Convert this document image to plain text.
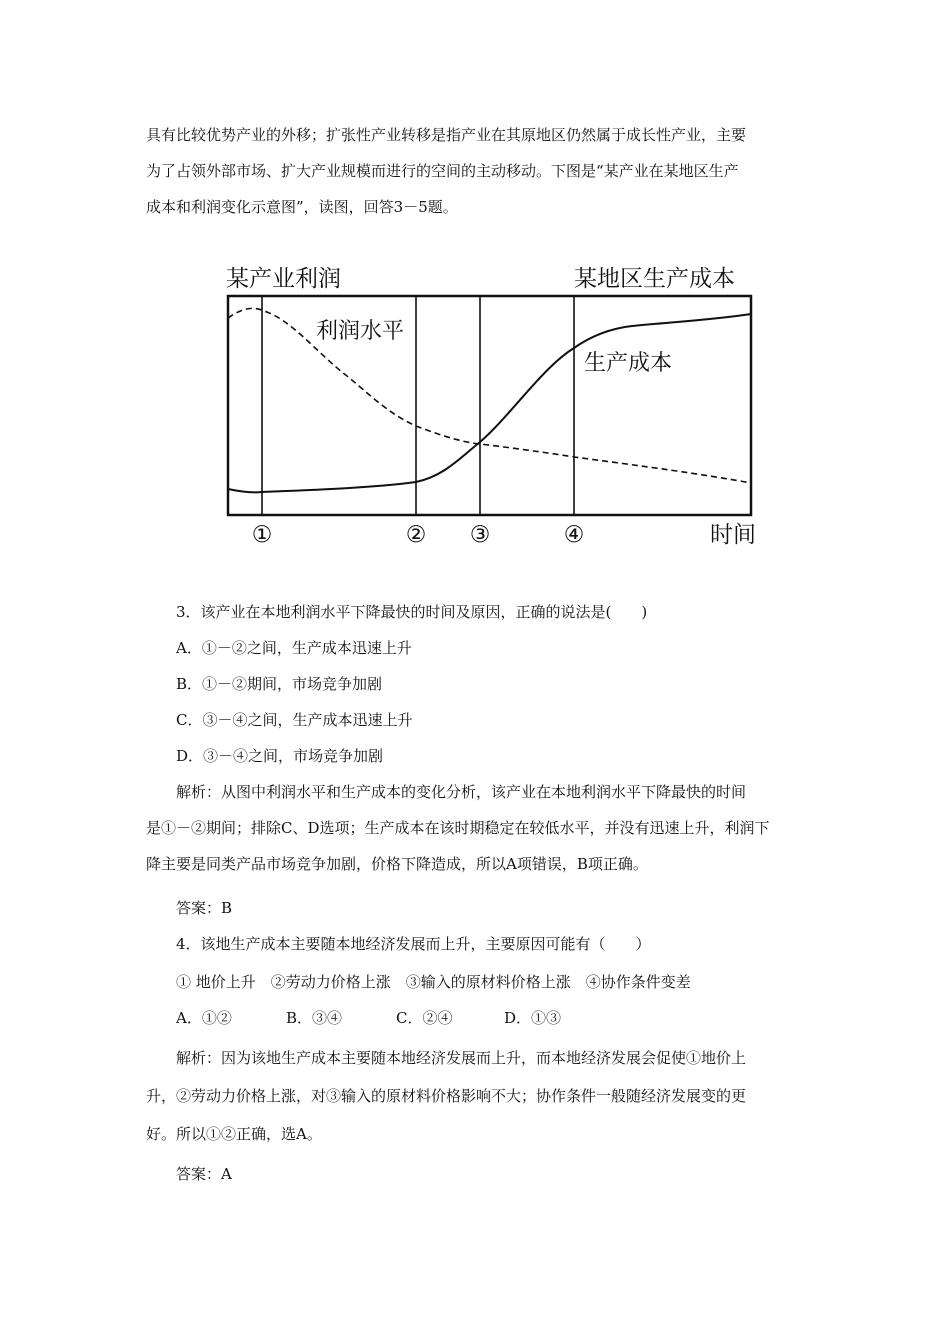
具有比较优势产业的外移；扩张性产业转移是指产业在其原地区仍然属于成长性产业，主要

为了占领外部市场、扩大产业规模而进行的空间的主动移动。下图是“某产业在某地区生产

成本和利润变化示意图”，读图，回答3－5题。

某产业利润	某地区生产成本
利润水平
生产成本
①	② ③	④	时间

3．该产业在本地利润水平下降最快的时间及原因，正确的说法是(　　)

A．①－②之间，生产成本迅速上升

B．①－②期间，市场竞争加剧

C．③－④之间，生产成本迅速上升

D．③－④之间，市场竞争加剧

解析：从图中利润水平和生产成本的变化分析，该产业在本地利润水平下降最快的时间

是①－②期间；排除C、D选项；生产成本在该时期稳定在较低水平，并没有迅速上升，利润下

降主要是同类产品市场竞争加剧，价格下降造成，所以A项错误，B项正确。

答案：B

4．该地生产成本主要随本地经济发展而上升，主要原因可能有（　　）

① 地价上升　②劳动力价格上涨　③输入的原材料价格上涨　④协作条件变差

A．①②	B．③④	C．②④	D．①③

解析：因为该地生产成本主要随本地经济发展而上升，而本地经济发展会促使①地价上

升，②劳动力价格上涨，对③输入的原材料价格影响不大；协作条件一般随经济发展变的更

好。所以①②正确，选A。

答案：A
